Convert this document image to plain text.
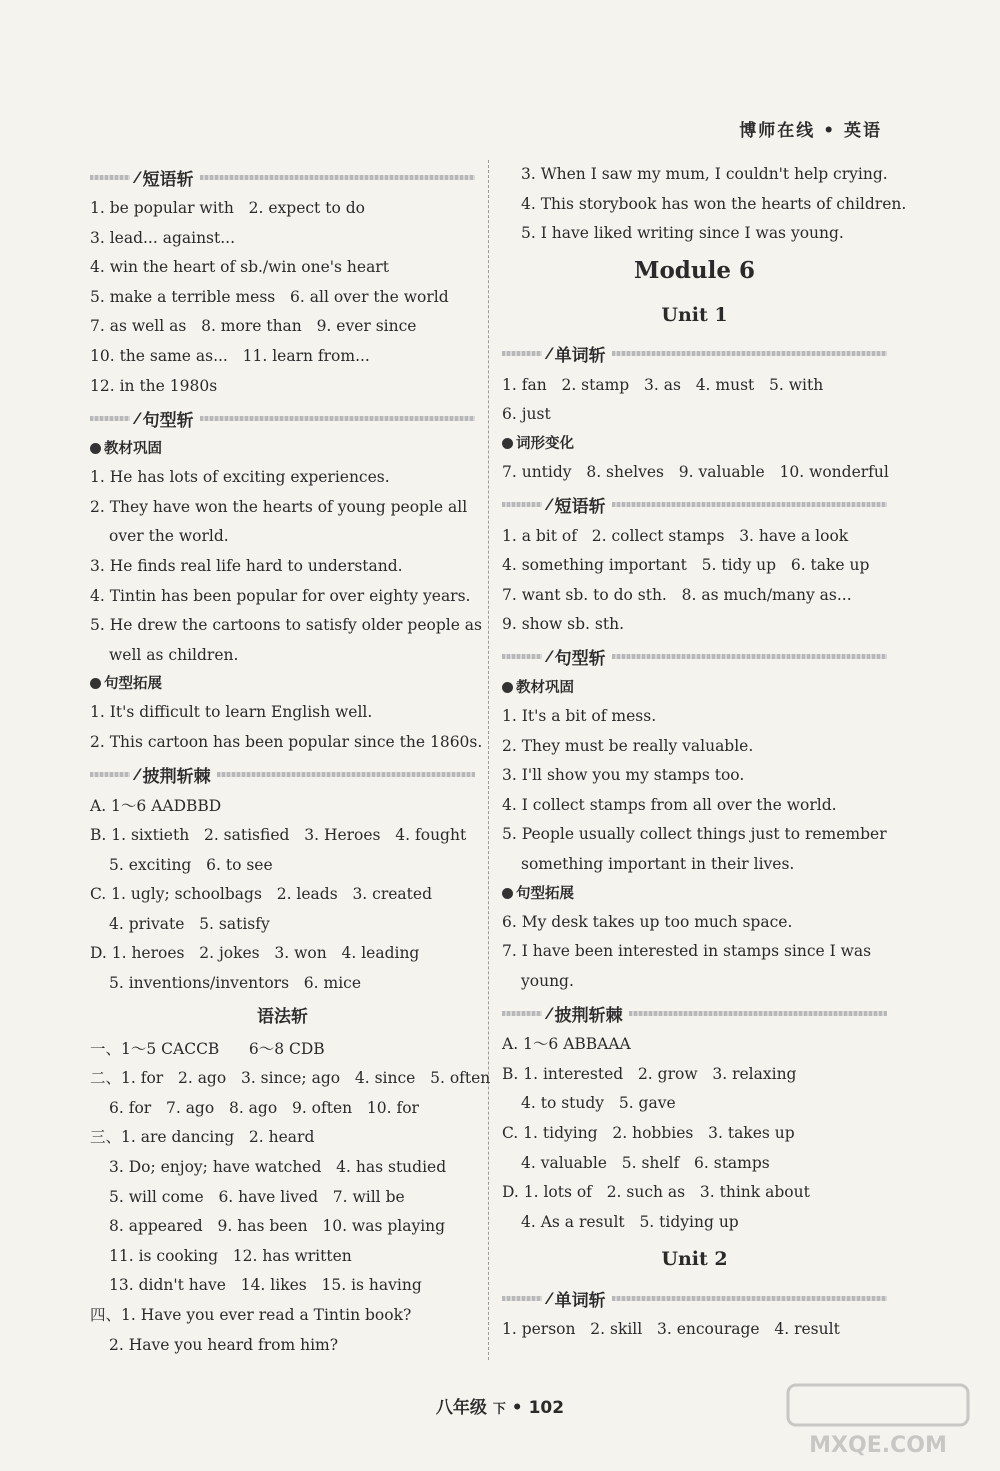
博师在线 • 英语
⁄ 短语斩
1. be popular with   2. expect to do
3. lead... against...
4. win the heart of sb./win one's heart
5. make a terrible mess   6. all over the world
7. as well as   8. more than   9. ever since
10. the same as...   11. learn from...
12. in the 1980s
⁄ 句型斩
教材巩固
1. He has lots of exciting experiences.
2. They have won the hearts of young people all
over the world.
3. He finds real life hard to understand.
4. Tintin has been popular for over eighty years.
5. He drew the cartoons to satisfy older people as
well as children.
句型拓展
1. It's difficult to learn English well.
2. This cartoon has been popular since the 1860s.
⁄ 披荆斩棘
A. 1～6 AADBBD
B. 1. sixtieth   2. satisfied   3. Heroes   4. fought
5. exciting   6. to see
C. 1. ugly; schoolbags   2. leads   3. created
4. private   5. satisfy
D. 1. heroes   2. jokes   3. won   4. leading
5. inventions/inventors   6. mice
语法斩
一、1～5 CACCB      6～8 CDB
二、1. for   2. ago   3. since; ago   4. since   5. often
6. for   7. ago   8. ago   9. often   10. for
三、1. are dancing   2. heard
3. Do; enjoy; have watched   4. has studied
5. will come   6. have lived   7. will be
8. appeared   9. has been   10. was playing
11. is cooking   12. has written
13. didn't have   14. likes   15. is having
四、1. Have you ever read a Tintin book?
2. Have you heard from him?
3. When I saw my mum, I couldn't help crying.
4. This storybook has won the hearts of children.
5. I have liked writing since I was young.
Module 6
Unit 1
⁄ 单词斩
1. fan   2. stamp   3. as   4. must   5. with
6. just
词形变化
7. untidy   8. shelves   9. valuable   10. wonderful
⁄ 短语斩
1. a bit of   2. collect stamps   3. have a look
4. something important   5. tidy up   6. take up
7. want sb. to do sth.   8. as much/many as...
9. show sb. sth.
⁄ 句型斩
教材巩固
1. It's a bit of mess.
2. They must be really valuable.
3. I'll show you my stamps too.
4. I collect stamps from all over the world.
5. People usually collect things just to remember
something important in their lives.
句型拓展
6. My desk takes up too much space.
7. I have been interested in stamps since I was
young.
⁄ 披荆斩棘
A. 1～6 ABBAAA
B. 1. interested   2. grow   3. relaxing
4. to study   5. gave
C. 1. tidying   2. hobbies   3. takes up
4. valuable   5. shelf   6. stamps
D. 1. lots of   2. such as   3. think about
4. As a result   5. tidying up
Unit 2
⁄ 单词斩
1. person   2. skill   3. encourage   4. result
八年级 下 • 102
MXQE.COM
